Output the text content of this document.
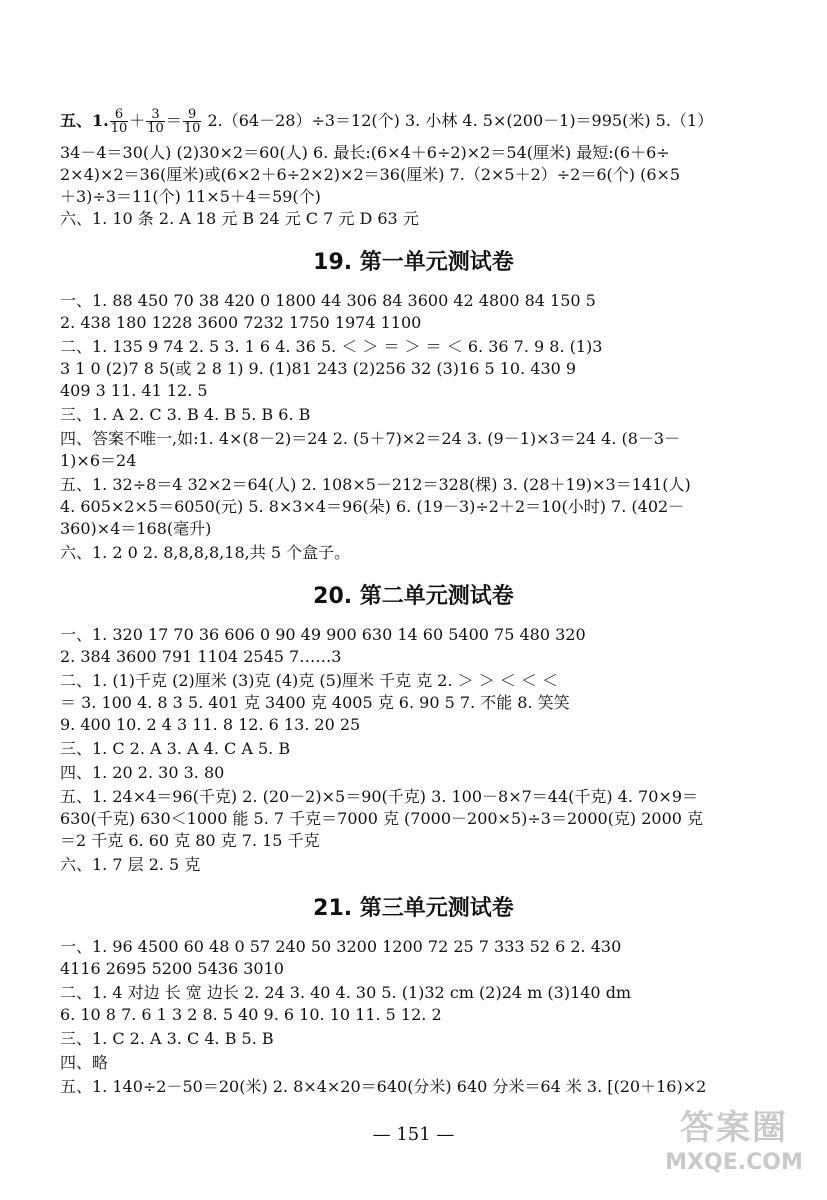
五、1. $\frac{6}{10} + \frac{3}{10} = \frac{9}{10} 2.(64-28)\div 3=12$(个) 3. 小林 4. 5×(200－1)＝995(米) 5.（1）
34－4＝30(人) (2)30×2＝60(人) 6. 最长:(6×4＋6÷2)×2＝54(厘米) 最短:(6＋6÷
2×4)×2＝36(厘米)或(6×2＋6÷2×2)×2＝36(厘米) 7.（2×5＋2）÷2＝6(个) (6×5
＋3)÷3＝11(个) 11×5＋4＝59(个)
六、1. 10 条 2. A 18 元 B 24 元 C 7 元 D 63 元
19. 第一单元测试卷
一、1. 88 450 70 38 420 0 1800 44 306 84 3600 42 4800 84 150 5
2. 438 180 1228 3600 7232 1750 1974 1100
二、1. 135 9 74 2. 5 3. 1 6 4. 36 5. ＜ ＞ ＝ ＞ ＝ ＜ 6. 36 7. 9 8. (1)3
3 1 0 (2)7 8 5(或 2 8 1) 9. (1)81 243 (2)256 32 (3)16 5 10. 430 9
409 3 11. 41 12. 5
三、1. A 2. C 3. B 4. B 5. B 6. B
四、答案不唯一,如:1. 4×(8－2)＝24 2. (5＋7)×2＝24 3. (9－1)×3＝24 4. (8－3－
1)×6＝24
五、1. 32÷8＝4 32×2＝64(人) 2. 108×5－212＝328(棵) 3. (28＋19)×3＝141(人)
4. 605×2×5＝6050(元) 5. 8×3×4＝96(朵) 6. (19－3)÷2＋2＝10(小时) 7. (402－
360)×4＝168(毫升)
六、1. 2 0 2. 8,8,8,8,18,共 5 个盒子。
20. 第二单元测试卷
一、1. 320 17 70 36 606 0 90 49 900 630 14 60 5400 75 480 320
2. 384 3600 791 1104 2545 7……3
二、1. (1)千克 (2)厘米 (3)克 (4)克 (5)厘米 千克 克 2. ＞ ＞ ＜ ＜ ＜
＝ 3. 100 4. 8 3 5. 401 克 3400 克 4005 克 6. 90 5 7. 不能 8. 笑笑
9. 400 10. 2 4 3 11. 8 12. 6 13. 20 25
三、1. C 2. A 3. A 4. C A 5. B
四、1. 20 2. 30 3. 80
五、1. 24×4＝96(千克) 2. (20－2)×5＝90(千克) 3. 100－8×7＝44(千克) 4. 70×9＝
630(千克) 630＜1000 能 5. 7 千克＝7000 克 (7000－200×5)÷3＝2000(克) 2000 克
＝2 千克 6. 60 克 80 克 7. 15 千克
六、1. 7 层 2. 5 克
21. 第三单元测试卷
一、1. 96 4500 60 48 0 57 240 50 3200 1200 72 25 7 333 52 6 2. 430
4116 2695 5200 5436 3010
二、1. 4 对边 长 宽 边长 2. 24 3. 40 4. 30 5. (1)32 cm (2)24 m (3)140 dm
6. 10 8 7. 6 1 3 2 8. 5 40 9. 6 10. 10 11. 5 12. 2
三、1. C 2. A 3. C 4. B 5. B
四、略
五、1. 140÷2－50＝20(米) 2. 8×4×20＝640(分米) 640 分米＝64 米 3. [(20＋16)×2
— 151 —	答案圈
MXQE.COM
